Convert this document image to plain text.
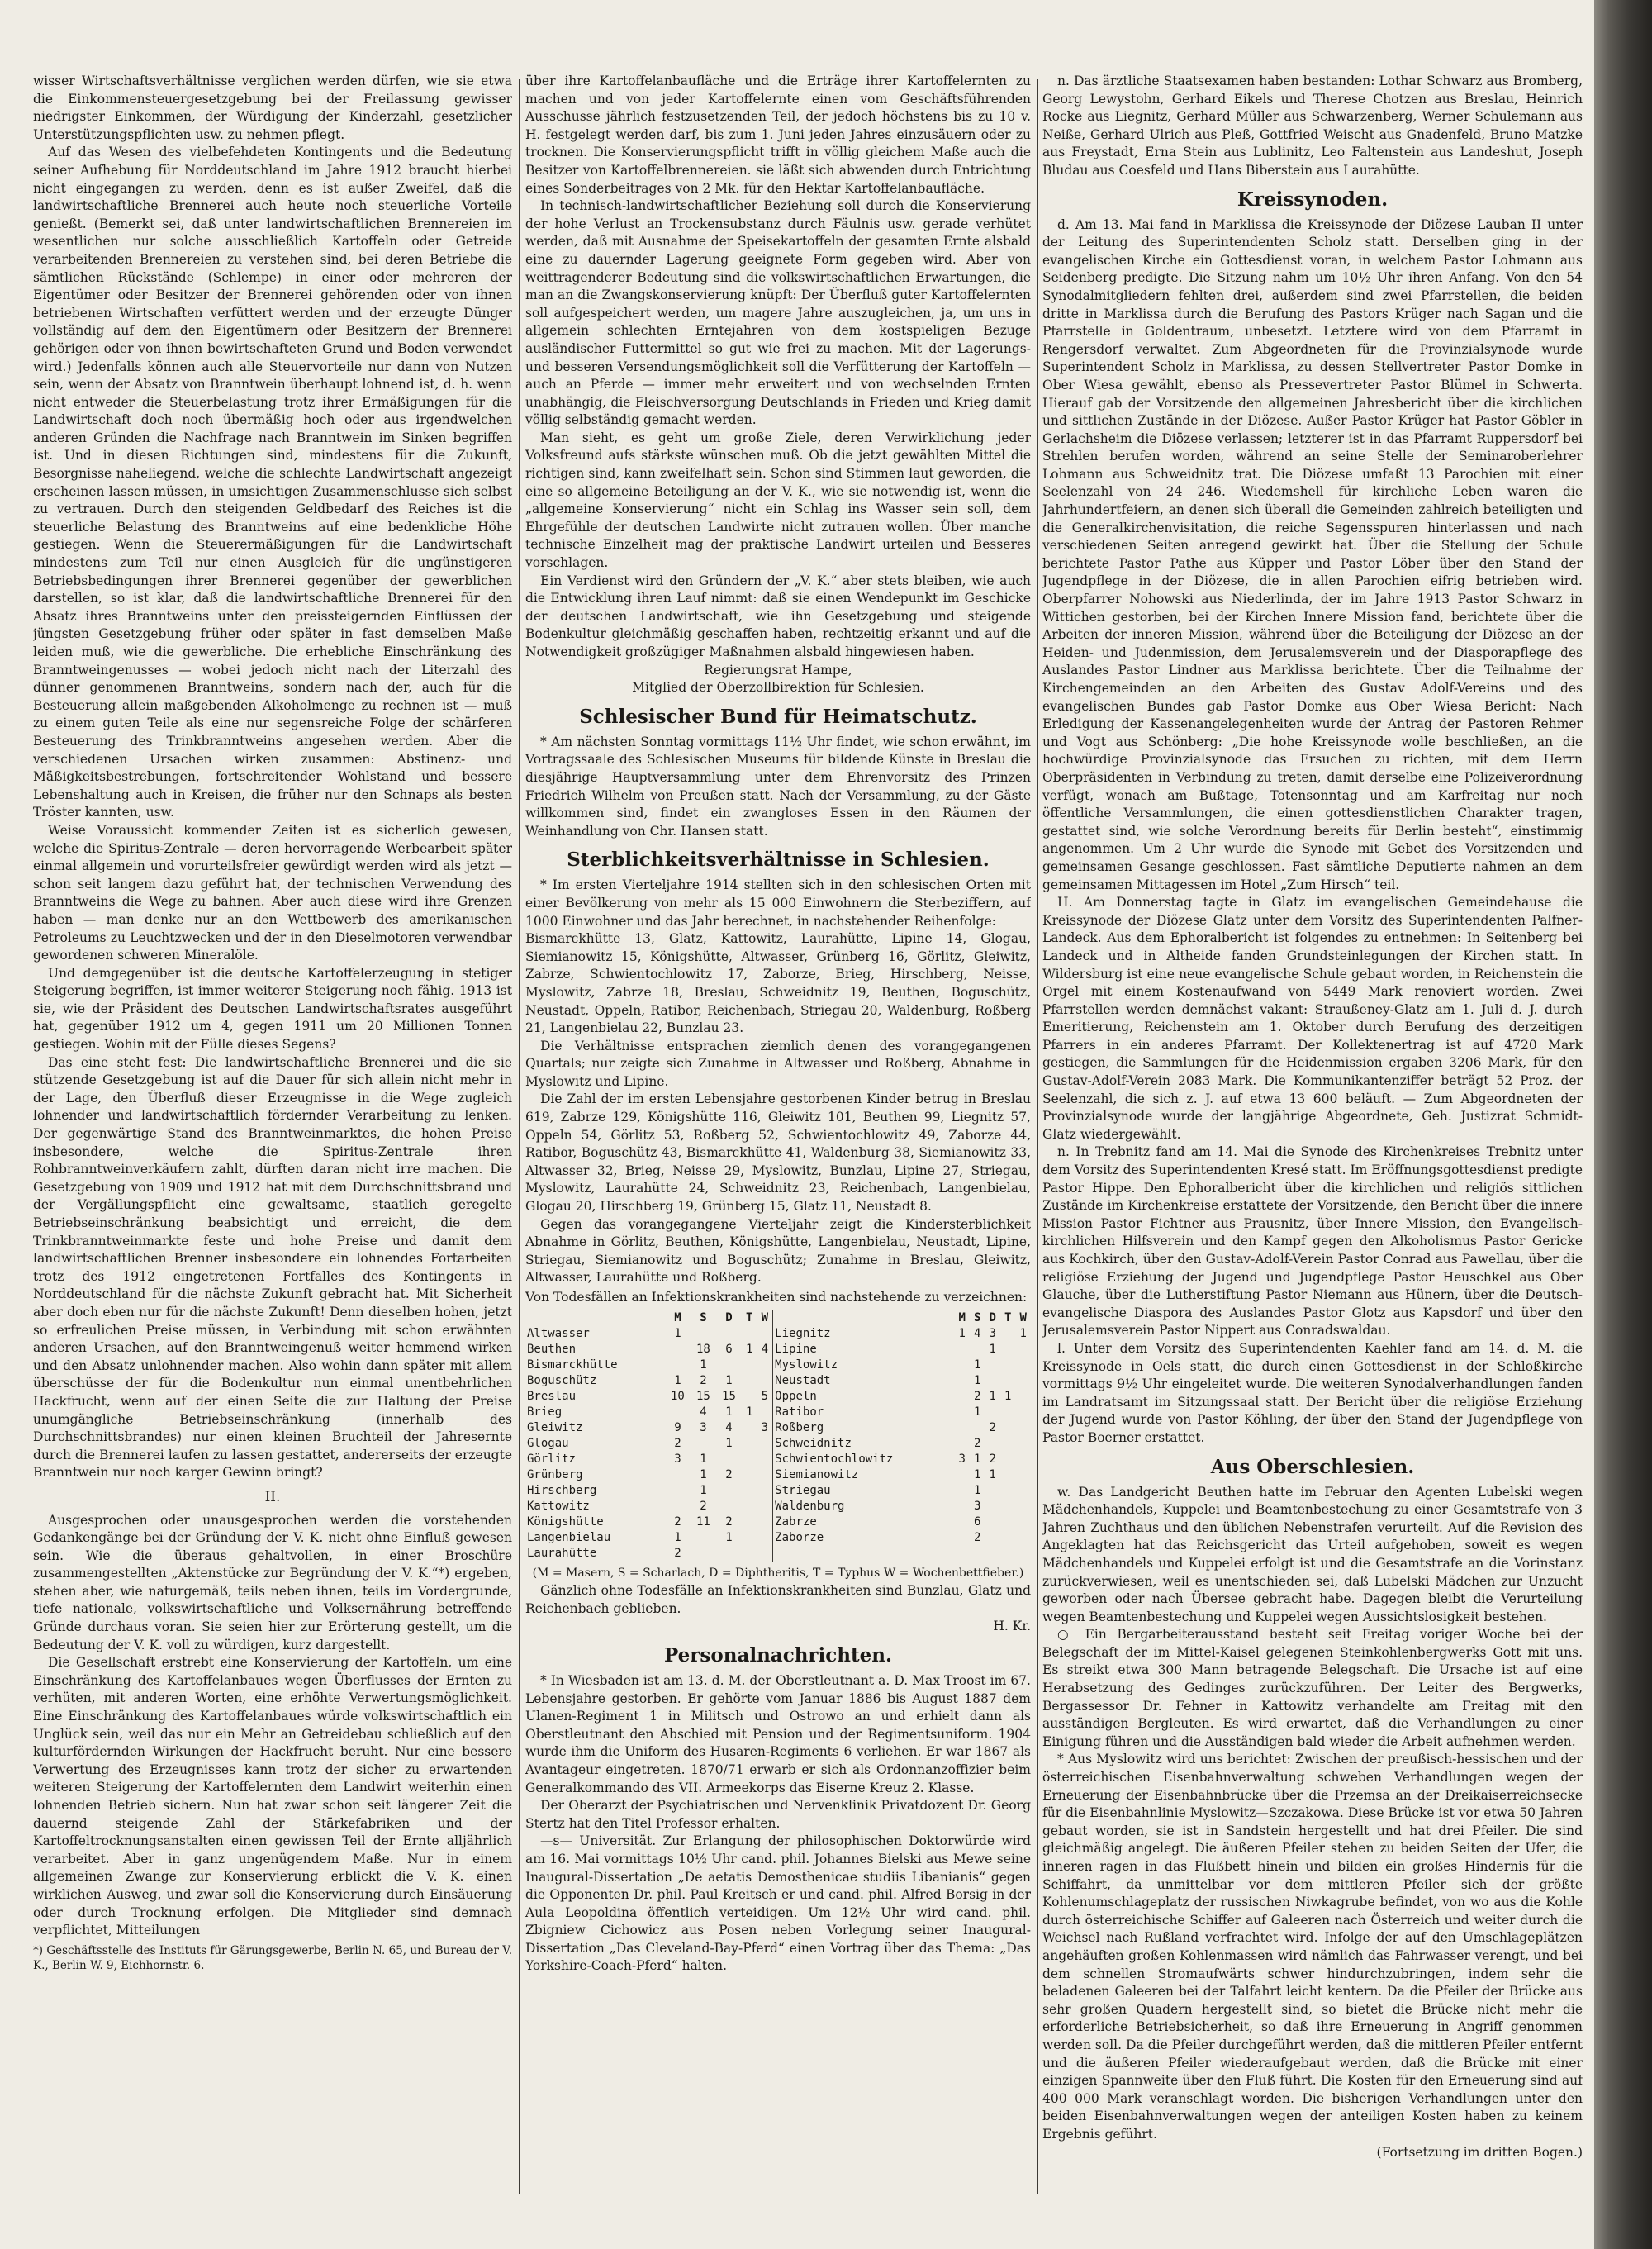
wisser Wirtschaftsverhältnisse verglichen werden dürfen, wie sie etwa die Einkommensteuergesetzgebung bei der Freilassung gewisser niedrigster Einkommen, der Würdigung der Kinderzahl, gesetzlicher Unterstützungspflichten usw. zu nehmen pflegt.

Auf das Wesen des vielbefehdeten Kontingents und die Bedeutung seiner Aufhebung für Norddeutschland im Jahre 1912 braucht hierbei nicht eingegangen zu werden, denn es ist außer Zweifel, daß die landwirtschaftliche Brennerei auch heute noch steuerliche Vorteile genießt. (Bemerkt sei, daß unter landwirtschaftlichen Brennereien im wesentlichen nur solche ausschließlich Kartoffeln oder Getreide verarbeitenden Brennereien zu verstehen sind, bei deren Betriebe die sämtlichen Rückstände (Schlempe) in einer oder mehreren der Eigentümer oder Besitzer der Brennerei gehörenden oder von ihnen betriebenen Wirtschaften verfüttert werden und der erzeugte Dünger vollständig auf dem den Eigentümern oder Besitzern der Brennerei gehörigen oder von ihnen bewirtschafteten Grund und Boden verwendet wird.) Jedenfalls können auch alle Steuervorteile nur dann von Nutzen sein, wenn der Absatz von Branntwein überhaupt lohnend ist, d. h. wenn nicht entweder die Steuerbelastung trotz ihrer Ermäßigungen für die Landwirtschaft doch noch übermäßig hoch oder aus irgendwelchen anderen Gründen die Nachfrage nach Branntwein im Sinken begriffen ist. Und in diesen Richtungen sind, mindestens für die Zukunft, Besorgnisse naheliegend, welche die schlechte Landwirtschaft angezeigt erscheinen lassen müssen, in umsichtigen Zusammenschlusse sich selbst zu vertrauen. Durch den steigenden Geldbedarf des Reiches ist die steuerliche Belastung des Branntweins auf eine bedenkliche Höhe gestiegen. Wenn die Steuerermäßigungen für die Landwirtschaft mindestens zum Teil nur einen Ausgleich für die ungünstigeren Betriebsbedingungen ihrer Brennerei gegenüber der gewerblichen darstellen, so ist klar, daß die landwirtschaftliche Brennerei für den Absatz ihres Branntweins unter den preissteigernden Einflüssen der jüngsten Gesetzgebung früher oder später in fast demselben Maße leiden muß, wie die gewerbliche. Die erhebliche Einschränkung des Branntweingenusses — wobei jedoch nicht nach der Literzahl des dünner genommenen Branntweins, sondern nach der, auch für die Besteuerung allein maßgebenden Alkoholmenge zu rechnen ist — muß zu einem guten Teile als eine nur segensreiche Folge der schärferen Besteuerung des Trinkbranntweins angesehen werden. Aber die verschiedenen Ursachen wirken zusammen: Abstinenz- und Mäßigkeitsbestrebungen, fortschreitender Wohlstand und bessere Lebenshaltung auch in Kreisen, die früher nur den Schnaps als besten Tröster kannten, usw.

Weise Voraussicht kommender Zeiten ist es sicherlich gewesen, welche die Spiritus-Zentrale — deren hervorragende Werbearbeit später einmal allgemein und vorurteilsfreier gewürdigt werden wird als jetzt — schon seit langem dazu geführt hat, der technischen Verwendung des Branntweins die Wege zu bahnen. Aber auch diese wird ihre Grenzen haben — man denke nur an den Wettbewerb des amerikanischen Petroleums zu Leuchtzwecken und der in den Dieselmotoren verwendbar gewordenen schweren Mineralöle.

Und demgegenüber ist die deutsche Kartoffelerzeugung in stetiger Steigerung begriffen, ist immer weiterer Steigerung noch fähig. 1913 ist sie, wie der Präsident des Deutschen Landwirtschaftsrates ausgeführt hat, gegenüber 1912 um 4, gegen 1911 um 20 Millionen Tonnen gestiegen. Wohin mit der Fülle dieses Segens?

Das eine steht fest: Die landwirtschaftliche Brennerei und die sie stützende Gesetzgebung ist auf die Dauer für sich allein nicht mehr in der Lage, den Überfluß dieser Erzeugnisse in die Wege zugleich lohnender und landwirtschaftlich fördernder Verarbeitung zu lenken. Der gegenwärtige Stand des Branntweinmarktes, die hohen Preise insbesondere, welche die Spiritus-Zentrale ihren Rohbranntweinverkäufern zahlt, dürften daran nicht irre machen. Die Gesetzgebung von 1909 und 1912 hat mit dem Durchschnittsbrand und der Vergällungspflicht eine gewaltsame, staatlich geregelte Betriebseinschränkung beabsichtigt und erreicht, die dem Trinkbranntweinmarkte feste und hohe Preise und damit dem landwirtschaftlichen Brenner insbesondere ein lohnendes Fortarbeiten trotz des 1912 eingetretenen Fortfalles des Kontingents in Norddeutschland für die nächste Zukunft gebracht hat. Mit Sicherheit aber doch eben nur für die nächste Zukunft! Denn dieselben hohen, jetzt so erfreulichen Preise müssen, in Verbindung mit schon erwähnten anderen Ursachen, auf den Branntweingenuß weiter hemmend wirken und den Absatz unlohnender machen. Also wohin dann später mit allem überschüsse der für die Bodenkultur nun einmal unentbehrlichen Hackfrucht, wenn auf der einen Seite die zur Haltung der Preise unumgängliche Betriebseinschränkung (innerhalb des Durchschnittsbrandes) nur einen kleinen Bruchteil der Jahresernte durch die Brennerei laufen zu lassen gestattet, andererseits der erzeugte Branntwein nur noch karger Gewinn bringt?

II.

Ausgesprochen oder unausgesprochen werden die vorstehenden Gedankengänge bei der Gründung der V. K. nicht ohne Einfluß gewesen sein. Wie die überaus gehaltvollen, in einer Broschüre zusammengestellten „Aktenstücke zur Begründung der V. K.“*) ergeben, stehen aber, wie naturgemäß, teils neben ihnen, teils im Vordergrunde, tiefe nationale, volkswirtschaftliche und Volksernährung betreffende Gründe durchaus voran. Sie seien hier zur Erörterung gestellt, um die Bedeutung der V. K. voll zu würdigen, kurz dargestellt.

Die Gesellschaft erstrebt eine Konservierung der Kartoffeln, um eine Einschränkung des Kartoffelanbaues wegen Überflusses der Ernten zu verhüten, mit anderen Worten, eine erhöhte Verwertungsmöglichkeit. Eine Einschränkung des Kartoffelanbaues würde volkswirtschaftlich ein Unglück sein, weil das nur ein Mehr an Getreidebau schließlich auf den kulturfördernden Wirkungen der Hackfrucht beruht. Nur eine bessere Verwertung des Erzeugnisses kann trotz der sicher zu erwartenden weiteren Steigerung der Kartoffelernten dem Landwirt weiterhin einen lohnenden Betrieb sichern. Nun hat zwar schon seit längerer Zeit die dauernd steigende Zahl der Stärkefabriken und der Kartoffeltrocknungsanstalten einen gewissen Teil der Ernte alljährlich verarbeitet. Aber in ganz ungenügendem Maße. Nur in einem allgemeinen Zwange zur Konservierung erblickt die V. K. einen wirklichen Ausweg, und zwar soll die Konservierung durch Einsäuerung oder durch Trocknung erfolgen. Die Mitglieder sind demnach verpflichtet, Mitteilungen

*) Geschäftsstelle des Instituts für Gärungsgewerbe, Berlin N. 65, und Bureau der V. K., Berlin W. 9, Eichhornstr. 6.

über ihre Kartoffelanbaufläche und die Erträge ihrer Kartoffelernten zu machen und von jeder Kartoffelernte einen vom Geschäftsführenden Ausschusse jährlich festzusetzenden Teil, der jedoch höchstens bis zu 10 v. H. festgelegt werden darf, bis zum 1. Juni jeden Jahres einzusäuern oder zu trocknen. Die Konservierungspflicht trifft in völlig gleichem Maße auch die Besitzer von Kartoffelbrennereien. sie läßt sich abwenden durch Entrichtung eines Sonderbeitrages von 2 Mk. für den Hektar Kartoffelanbaufläche.

In technisch-landwirtschaftlicher Beziehung soll durch die Konservierung der hohe Verlust an Trockensubstanz durch Fäulnis usw. gerade verhütet werden, daß mit Ausnahme der Speisekartoffeln der gesamten Ernte alsbald eine zu dauernder Lagerung geeignete Form gegeben wird. Aber von weittragenderer Bedeutung sind die volkswirtschaftlichen Erwartungen, die man an die Zwangskonservierung knüpft: Der Überfluß guter Kartoffelernten soll aufgespeichert werden, um magere Jahre auszugleichen, ja, um uns in allgemein schlechten Erntejahren von dem kostspieligen Bezuge ausländischer Futtermittel so gut wie frei zu machen. Mit der Lagerungs- und besseren Versendungsmöglichkeit soll die Verfütterung der Kartoffeln — auch an Pferde — immer mehr erweitert und von wechselnden Ernten unabhängig, die Fleischversorgung Deutschlands in Frieden und Krieg damit völlig selbständig gemacht werden.

Man sieht, es geht um große Ziele, deren Verwirklichung jeder Volksfreund aufs stärkste wünschen muß. Ob die jetzt gewählten Mittel die richtigen sind, kann zweifelhaft sein. Schon sind Stimmen laut geworden, die eine so allgemeine Beteiligung an der V. K., wie sie notwendig ist, wenn die „allgemeine Konservierung“ nicht ein Schlag ins Wasser sein soll, dem Ehrgefühle der deutschen Landwirte nicht zutrauen wollen. Über manche technische Einzelheit mag der praktische Landwirt urteilen und Besseres vorschlagen.

Ein Verdienst wird den Gründern der „V. K.“ aber stets bleiben, wie auch die Entwicklung ihren Lauf nimmt: daß sie einen Wendepunkt im Geschicke der deutschen Landwirtschaft, wie ihn Gesetzgebung und steigende Bodenkultur gleichmäßig geschaffen haben, rechtzeitig erkannt und auf die Notwendigkeit großzügiger Maßnahmen alsbald hingewiesen haben.

Regierungsrat Hampe,

Mitglied der Oberzollbirektion für Schlesien.

Schlesischer Bund für Heimatschutz.

* Am nächsten Sonntag vormittags 11½ Uhr findet, wie schon erwähnt, im Vortragssaale des Schlesischen Museums für bildende Künste in Breslau die diesjährige Hauptversammlung unter dem Ehrenvorsitz des Prinzen Friedrich Wilhelm von Preußen statt. Nach der Versammlung, zu der Gäste willkommen sind, findet ein zwangloses Essen in den Räumen der Weinhandlung von Chr. Hansen statt.

Sterblichkeitsverhältnisse in Schlesien.

* Im ersten Vierteljahre 1914 stellten sich in den schlesischen Orten mit einer Bevölkerung von mehr als 15 000 Einwohnern die Sterbeziffern, auf 1000 Einwohner und das Jahr berechnet, in nachstehender Reihenfolge:

Bismarckhütte 13, Glatz, Kattowitz, Laurahütte, Lipine 14, Glogau, Siemianowitz 15, Königshütte, Altwasser, Grünberg 16, Görlitz, Gleiwitz, Zabrze, Schwientochlowitz 17, Zaborze, Brieg, Hirschberg, Neisse, Myslowitz, Zabrze 18, Breslau, Schweidnitz 19, Beuthen, Boguschütz, Neustadt, Oppeln, Ratibor, Reichenbach, Striegau 20, Waldenburg, Roßberg 21, Langenbielau 22, Bunzlau 23.

Die Verhältnisse entsprachen ziemlich denen des vorangegangenen Quartals; nur zeigte sich Zunahme in Altwasser und Roßberg, Abnahme in Myslowitz und Lipine.

Die Zahl der im ersten Lebensjahre gestorbenen Kinder betrug in Breslau 619, Zabrze 129, Königshütte 116, Gleiwitz 101, Beuthen 99, Liegnitz 57, Oppeln 54, Görlitz 53, Roßberg 52, Schwientochlowitz 49, Zaborze 44, Ratibor, Boguschütz 43, Bismarckhütte 41, Waldenburg 38, Siemianowitz 33, Altwasser 32, Brieg, Neisse 29, Myslowitz, Bunzlau, Lipine 27, Striegau, Myslowitz, Laurahütte 24, Schweidnitz 23, Reichenbach, Langenbielau, Glogau 20, Hirschberg 19, Grünberg 15, Glatz 11, Neustadt 8.

Gegen das vorangegangene Vierteljahr zeigt die Kindersterblichkeit Abnahme in Görlitz, Beuthen, Königshütte, Langenbielau, Neustadt, Lipine, Striegau, Siemianowitz und Boguschütz; Zunahme in Breslau, Gleiwitz, Altwasser, Laurahütte und Roßberg.

Von Todesfällen an Infektionskrankheiten sind nachstehende zu verzeichnen:

	M	S	D	T	W		M	S	D	T	W
Altwasser	1					Liegnitz	1	4	3		1
Beuthen		18	6	1	4	Lipine			1		
Bismarckhütte		1				Myslowitz		1			
Boguschütz	1	2	1			Neustadt		1			
Breslau	10	15	15		5	Oppeln		2	1	1	
Brieg		4	1	1		Ratibor		1			
Gleiwitz	9	3	4		3	Roßberg			2		
Glogau	2		1			Schweidnitz		2			
Görlitz	3	1				Schwientochlowitz	3	1	2		
Grünberg		1	2			Siemianowitz		1	1		
Hirschberg		1				Striegau		1			
Kattowitz		2				Waldenburg		3			
Königshütte	2	11	2			Zabrze		6			
Langenbielau	1		1			Zaborze		2			
Laurahütte	2										

(M = Masern, S = Scharlach, D = Diphtheritis, T = Typhus W = Wochenbettfieber.)

Gänzlich ohne Todesfälle an Infektionskrankheiten sind Bunzlau, Glatz und Reichenbach geblieben.

H. Kr.

Personalnachrichten.

* In Wiesbaden ist am 13. d. M. der Oberstleutnant a. D. Max Troost im 67. Lebensjahre gestorben. Er gehörte vom Januar 1886 bis August 1887 dem Ulanen-Regiment 1 in Militsch und Ostrowo an und erhielt dann als Oberstleutnant den Abschied mit Pension und der Regimentsuniform. 1904 wurde ihm die Uniform des Husaren-Regiments 6 verliehen. Er war 1867 als Avantageur eingetreten. 1870/71 erwarb er sich als Ordonnanzoffizier beim Generalkommando des VII. Armeekorps das Eiserne Kreuz 2. Klasse.

Der Oberarzt der Psychiatrischen und Nervenklinik Privatdozent Dr. Georg Stertz hat den Titel Professor erhalten.

—s— Universität. Zur Erlangung der philosophischen Doktorwürde wird am 16. Mai vormittags 10½ Uhr cand. phil. Johannes Bielski aus Mewe seine Inaugural-Dissertation „De aetatis Demosthenicae studiis Libanianis“ gegen die Opponenten Dr. phil. Paul Kreitsch er und cand. phil. Alfred Borsig in der Aula Leopoldina öffentlich verteidigen. Um 12½ Uhr wird cand. phil. Zbigniew Cichowicz aus Posen neben Vorlegung seiner Inaugural-Dissertation „Das Cleveland-Bay-Pferd“ einen Vortrag über das Thema: „Das Yorkshire-Coach-Pferd“ halten.

n. Das ärztliche Staatsexamen haben bestanden: Lothar Schwarz aus Bromberg, Georg Lewystohn, Gerhard Eikels und Therese Chotzen aus Breslau, Heinrich Rocke aus Liegnitz, Gerhard Müller aus Schwarzenberg, Werner Schulemann aus Neiße, Gerhard Ulrich aus Pleß, Gottfried Weischt aus Gnadenfeld, Bruno Matzke aus Freystadt, Erna Stein aus Lublinitz, Leo Faltenstein aus Landeshut, Joseph Bludau aus Coesfeld und Hans Biberstein aus Laurahütte.

Kreissynoden.

d. Am 13. Mai fand in Marklissa die Kreissynode der Diözese Lauban II unter der Leitung des Superintendenten Scholz statt. Derselben ging in der evangelischen Kirche ein Gottesdienst voran, in welchem Pastor Lohmann aus Seidenberg predigte. Die Sitzung nahm um 10½ Uhr ihren Anfang. Von den 54 Synodalmitgliedern fehlten drei, außerdem sind zwei Pfarrstellen, die beiden dritte in Marklissa durch die Berufung des Pastors Krüger nach Sagan und die Pfarrstelle in Goldentraum, unbesetzt. Letztere wird von dem Pfarramt in Rengersdorf verwaltet. Zum Abgeordneten für die Provinzialsynode wurde Superintendent Scholz in Marklissa, zu dessen Stellvertreter Pastor Domke in Ober Wiesa gewählt, ebenso als Pressevertreter Pastor Blümel in Schwerta. Hierauf gab der Vorsitzende den allgemeinen Jahresbericht über die kirchlichen und sittlichen Zustände in der Diözese. Außer Pastor Krüger hat Pastor Göbler in Gerlachsheim die Diözese verlassen; letzterer ist in das Pfarramt Ruppersdorf bei Strehlen berufen worden, während an seine Stelle der Seminaroberlehrer Lohmann aus Schweidnitz trat. Die Diözese umfaßt 13 Parochien mit einer Seelenzahl von 24 246. Wiedemshell für kirchliche Leben waren die Jahrhundertfeiern, an denen sich überall die Gemeinden zahlreich beteiligten und die Generalkirchenvisitation, die reiche Segensspuren hinterlassen und nach verschiedenen Seiten anregend gewirkt hat. Über die Stellung der Schule berichtete Pastor Pathe aus Küpper und Pastor Löber über den Stand der Jugendpflege in der Diözese, die in allen Parochien eifrig betrieben wird. Oberpfarrer Nohowski aus Niederlinda, der im Jahre 1913 Pastor Schwarz in Wittichen gestorben, bei der Kirchen Innere Mission fand, berichtete über die Arbeiten der inneren Mission, während über die Beteiligung der Diözese an der Heiden- und Judenmission, dem Jerusalemsverein und der Diasporapflege des Auslandes Pastor Lindner aus Marklissa berichtete. Über die Teilnahme der Kirchengemeinden an den Arbeiten des Gustav Adolf-Vereins und des evangelischen Bundes gab Pastor Domke aus Ober Wiesa Bericht: Nach Erledigung der Kassenangelegenheiten wurde der Antrag der Pastoren Rehmer und Vogt aus Schönberg: „Die hohe Kreissynode wolle beschließen, an die hochwürdige Provinzialsynode das Ersuchen zu richten, mit dem Herrn Oberpräsidenten in Verbindung zu treten, damit derselbe eine Polizeiverordnung verfügt, wonach am Bußtage, Totensonntag und am Karfreitag nur noch öffentliche Versammlungen, die einen gottesdienstlichen Charakter tragen, gestattet sind, wie solche Verordnung bereits für Berlin besteht“, einstimmig angenommen. Um 2 Uhr wurde die Synode mit Gebet des Vorsitzenden und gemeinsamen Gesange geschlossen. Fast sämtliche Deputierte nahmen an dem gemeinsamen Mittagessen im Hotel „Zum Hirsch“ teil.

H. Am Donnerstag tagte in Glatz im evangelischen Gemeindehause die Kreissynode der Diözese Glatz unter dem Vorsitz des Superintendenten Palfner-Landeck. Aus dem Ephoralbericht ist folgendes zu entnehmen: In Seitenberg bei Landeck und in Altheide fanden Grundsteinlegungen der Kirchen statt. In Wildersburg ist eine neue evangelische Schule gebaut worden, in Reichenstein die Orgel mit einem Kostenaufwand von 5449 Mark renoviert worden. Zwei Pfarrstellen werden demnächst vakant: Straußeney-Glatz am 1. Juli d. J. durch Emeritierung, Reichenstein am 1. Oktober durch Berufung des derzeitigen Pfarrers in ein anderes Pfarramt. Der Kollektenertrag ist auf 4720 Mark gestiegen, die Sammlungen für die Heidenmission ergaben 3206 Mark, für den Gustav-Adolf-Verein 2083 Mark. Die Kommunikantenziffer beträgt 52 Proz. der Seelenzahl, die sich z. J. auf etwa 13 600 beläuft. — Zum Abgeordneten der Provinzialsynode wurde der langjährige Abgeordnete, Geh. Justizrat Schmidt-Glatz wiedergewählt.

n. In Trebnitz fand am 14. Mai die Synode des Kirchenkreises Trebnitz unter dem Vorsitz des Superintendenten Kresé statt. Im Eröffnungsgottesdienst predigte Pastor Hippe. Den Ephoralbericht über die kirchlichen und religiös sittlichen Zustände im Kirchenkreise erstattete der Vorsitzende, den Bericht über die innere Mission Pastor Fichtner aus Prausnitz, über Innere Mission, den Evangelisch-kirchlichen Hilfsverein und den Kampf gegen den Alkoholismus Pastor Gericke aus Kochkirch, über den Gustav-Adolf-Verein Pastor Conrad aus Pawellau, über die religiöse Erziehung der Jugend und Jugendpflege Pastor Heuschkel aus Ober Glauche, über die Lutherstiftung Pastor Niemann aus Hünern, über die Deutsch-evangelische Diaspora des Auslandes Pastor Glotz aus Kapsdorf und über den Jerusalemsverein Pastor Nippert aus Conradswaldau.

l. Unter dem Vorsitz des Superintendenten Kaehler fand am 14. d. M. die Kreissynode in Oels statt, die durch einen Gottesdienst in der Schloßkirche vormittags 9½ Uhr eingeleitet wurde. Die weiteren Synodalverhandlungen fanden im Landratsamt im Sitzungssaal statt. Der Bericht über die religiöse Erziehung der Jugend wurde von Pastor Köhling, der über den Stand der Jugendpflege von Pastor Boerner erstattet.

Aus Oberschlesien.

w. Das Landgericht Beuthen hatte im Februar den Agenten Lubelski wegen Mädchenhandels, Kuppelei und Beamtenbestechung zu einer Gesamtstrafe von 3 Jahren Zuchthaus und den üblichen Nebenstrafen verurteilt. Auf die Revision des Angeklagten hat das Reichsgericht das Urteil aufgehoben, soweit es wegen Mädchenhandels und Kuppelei erfolgt ist und die Gesamtstrafe an die Vorinstanz zurückverwiesen, weil es unentschieden sei, daß Lubelski Mädchen zur Unzucht geworben oder nach Übersee gebracht habe. Dagegen bleibt die Verurteilung wegen Beamtenbestechung und Kuppelei wegen Aussichtslosigkeit bestehen.

○ Ein Bergarbeiterausstand besteht seit Freitag voriger Woche bei der Belegschaft der im Mittel-Kaisel gelegenen Steinkohlenbergwerks Gott mit uns. Es streikt etwa 300 Mann betragende Belegschaft. Die Ursache ist auf eine Herabsetzung des Gedinges zurückzuführen. Der Leiter des Bergwerks, Bergassessor Dr. Fehner in Kattowitz verhandelte am Freitag mit den ausständigen Bergleuten. Es wird erwartet, daß die Verhandlungen zu einer Einigung führen und die Ausständigen bald wieder die Arbeit aufnehmen werden.

* Aus Myslowitz wird uns berichtet: Zwischen der preußisch-hessischen und der österreichischen Eisenbahnverwaltung schweben Verhandlungen wegen der Erneuerung der Eisenbahnbrücke über die Przemsa an der Dreikaiserreichsecke für die Eisenbahnlinie Myslowitz—Szczakowa. Diese Brücke ist vor etwa 50 Jahren gebaut worden, sie ist in Sandstein hergestellt und hat drei Pfeiler. Die sind gleichmäßig angelegt. Die äußeren Pfeiler stehen zu beiden Seiten der Ufer, die inneren ragen in das Flußbett hinein und bilden ein großes Hindernis für die Schiffahrt, da unmittelbar vor dem mittleren Pfeiler sich der größte Kohlenumschlageplatz der russischen Niwkagrube befindet, von wo aus die Kohle durch österreichische Schiffer auf Galeeren nach Österreich und weiter durch die Weichsel nach Rußland verfrachtet wird. Infolge der auf den Umschlageplätzen angehäuften großen Kohlenmassen wird nämlich das Fahrwasser verengt, und bei dem schnellen Stromaufwärts schwer hindurchzubringen, indem sehr die beladenen Galeeren bei der Talfahrt leicht kentern. Da die Pfeiler der Brücke aus sehr großen Quadern hergestellt sind, so bietet die Brücke nicht mehr die erforderliche Betriebsicherheit, so daß ihre Erneuerung in Angriff genommen werden soll. Da die Pfeiler durchgeführt werden, daß die mittleren Pfeiler entfernt und die äußeren Pfeiler wiederaufgebaut werden, daß die Brücke mit einer einzigen Spannweite über den Fluß führt. Die Kosten für den Erneuerung sind auf 400 000 Mark veranschlagt worden. Die bisherigen Verhandlungen unter den beiden Eisenbahnverwaltungen wegen der anteiligen Kosten haben zu keinem Ergebnis geführt.

(Fortsetzung im dritten Bogen.)
